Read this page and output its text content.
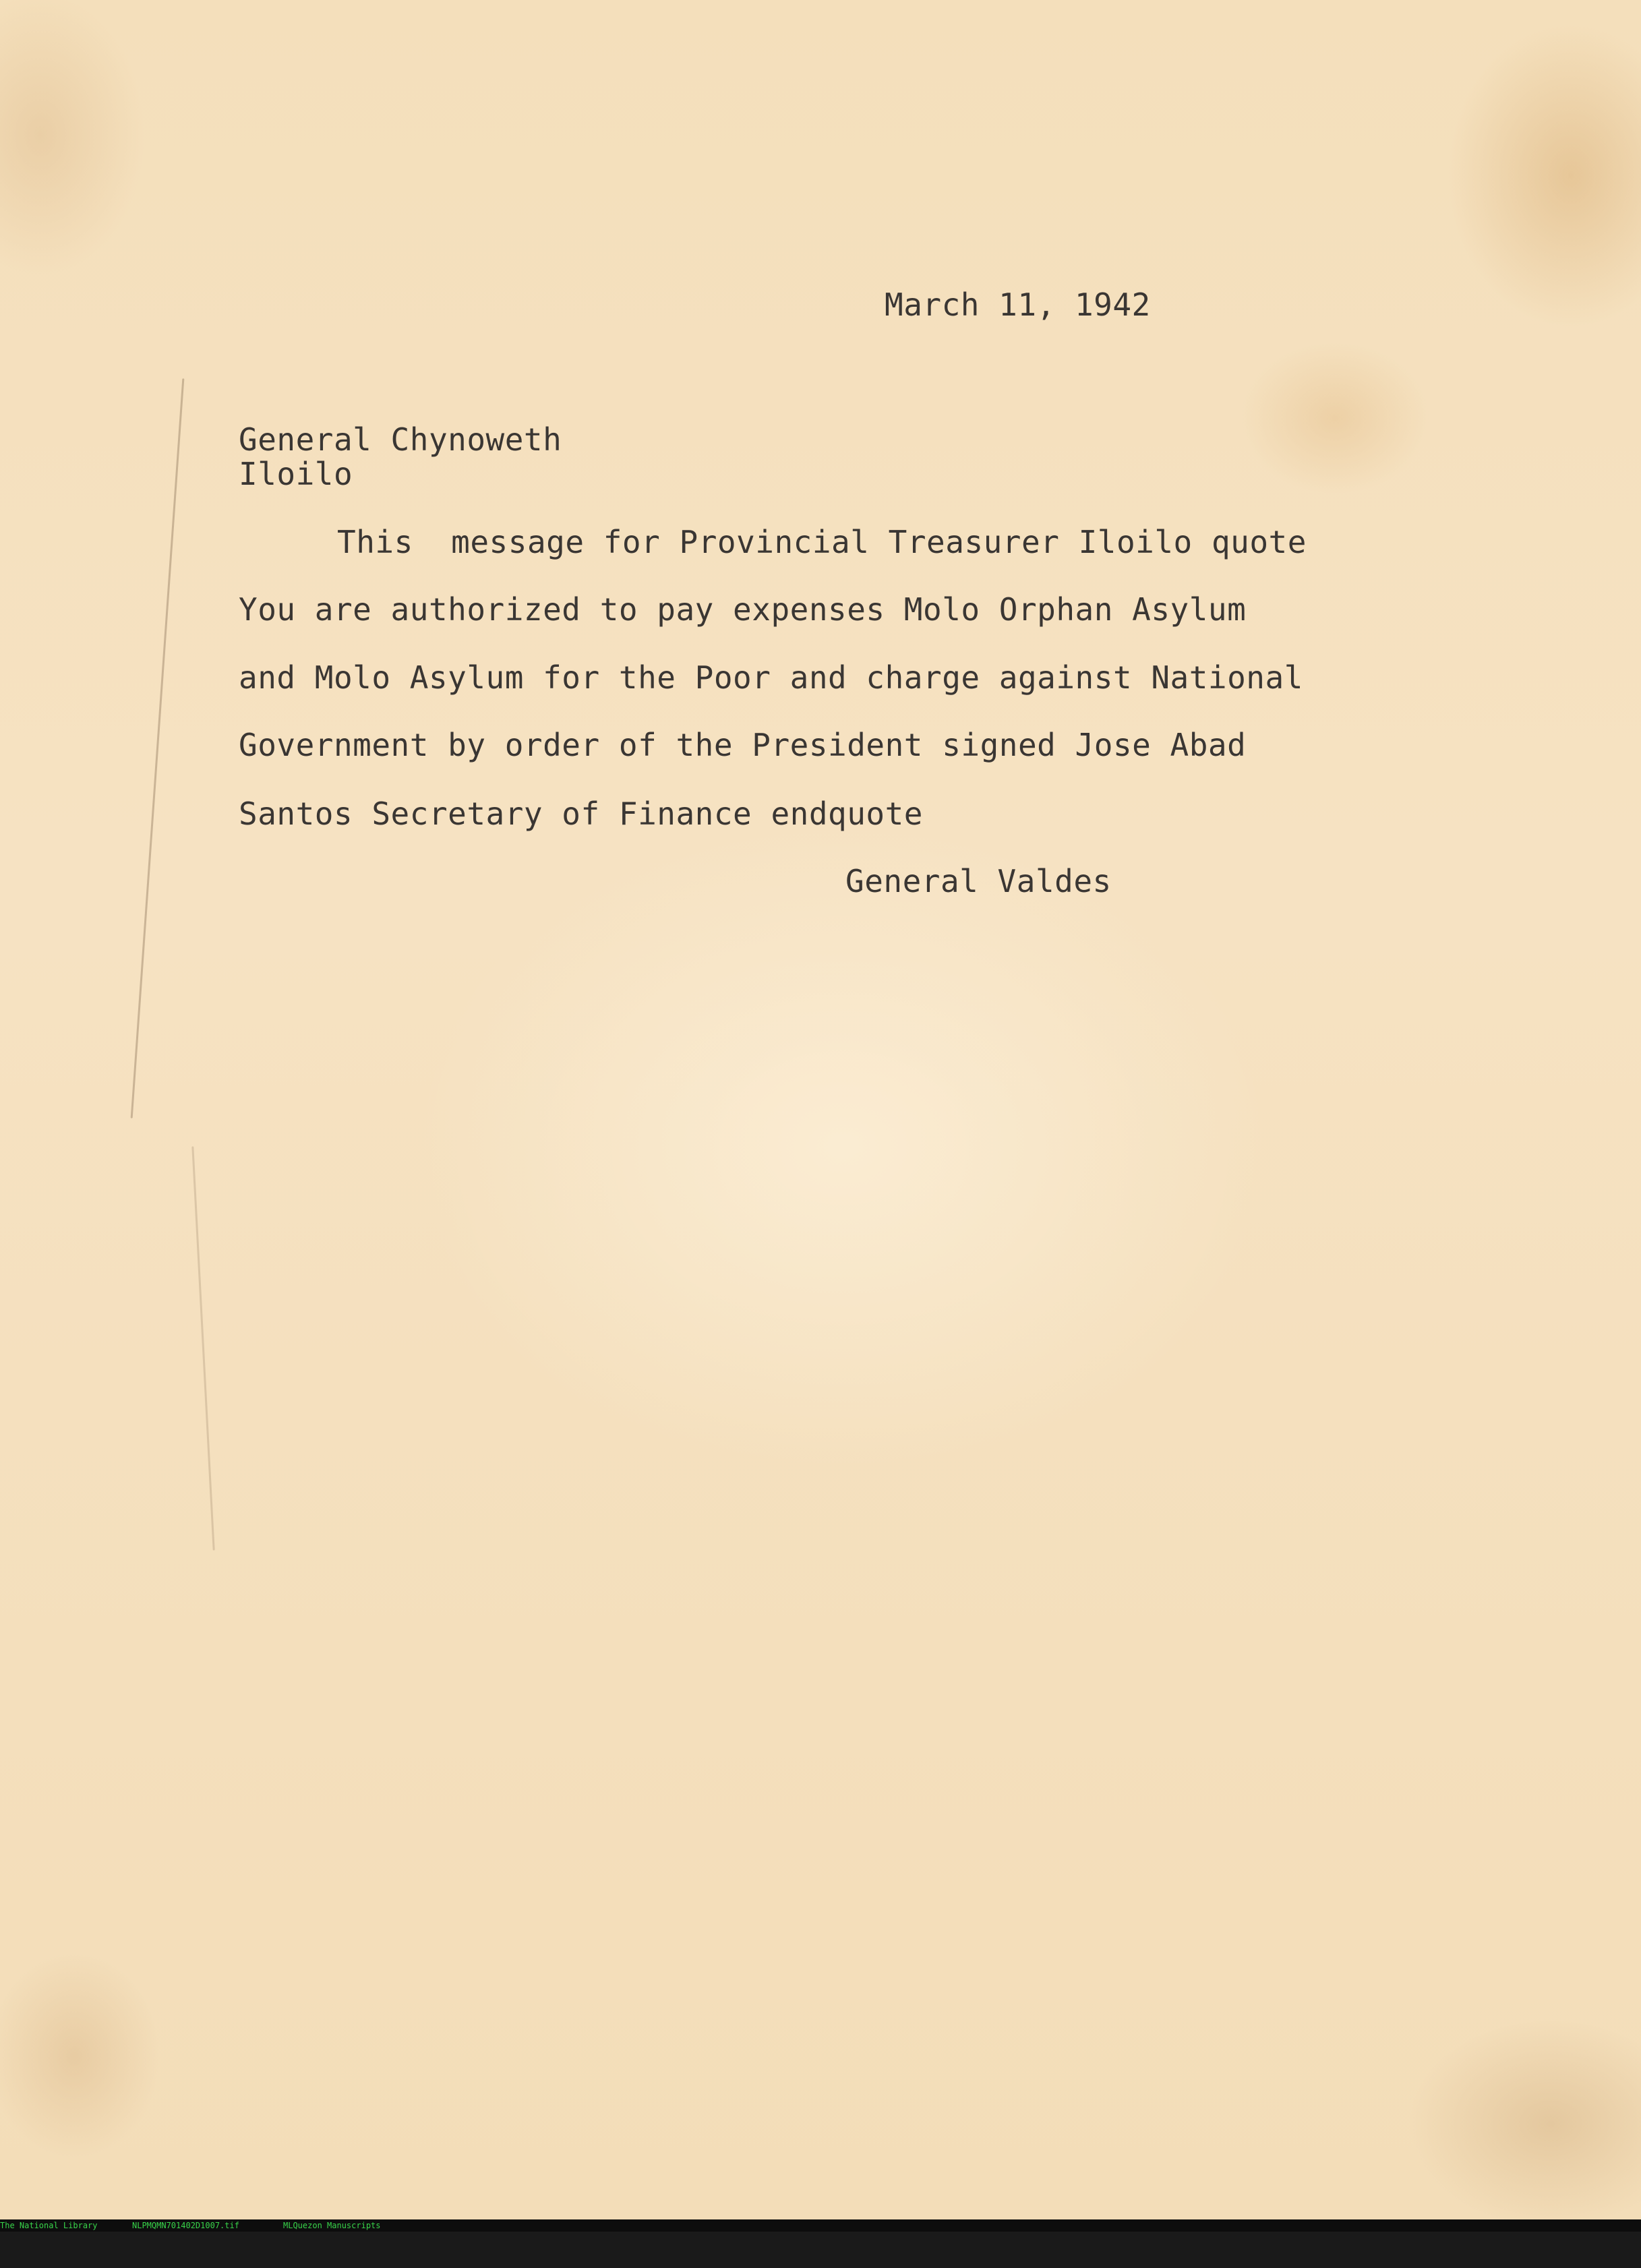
March 11, 1942
General Chynoweth
Iloilo
This  message for Provincial Treasurer Iloilo quote
You are authorized to pay expenses Molo Orphan Asylum
and Molo Asylum for the Poor and charge against National
Government by order of the President signed Jose Abad
Santos Secretary of Finance endquote
General Valdes

The National Library

	NLPMQMN701402D1007.tif

	MLQuezon Manuscripts
